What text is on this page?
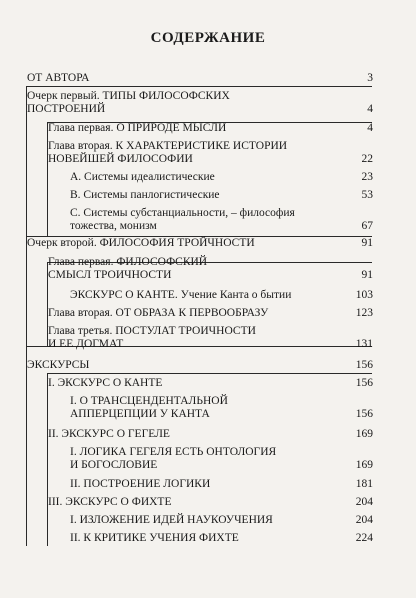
СОДЕРЖАНИЕ
ОТ АВТОРА	3
Очерк первый. ТИПЫ ФИЛОСОФСКИХ
ПОСТРОЕНИЙ	4
Глава первая. О ПРИРОДЕ МЫСЛИ	4
Глава вторая. К ХАРАКТЕРИСТИКЕ ИСТОРИИ
НОВЕЙШЕЙ ФИЛОСОФИИ	22
А. Системы идеалистические	23
В. Системы панлогистические	53
С. Системы субстанциальности, – философия
тожества, монизм	67
Очерк второй. ФИЛОСОФИЯ ТРОЙЧНОСТИ	91
Глава первая. ФИЛОСОФСКИЙ
СМЫСЛ ТРОИЧНОСТИ	91
ЭКСКУРС О КАНТЕ. Учение Канта о бытии	103
Глава вторая. ОТ ОБРАЗА К ПЕРВООБРАЗУ	123
Глава третья. ПОСТУЛАТ ТРОИЧНОСТИ
И ЕЕ ДОГМАТ	131
ЭКСКУРСЫ	156
I. ЭКСКУРС О КАНТЕ	156
I. О ТРАНСЦЕНДЕНТАЛЬНОЙ
АППЕРЦЕПЦИИ У КАНТА	156
II. ЭКСКУРС О ГЕГЕЛЕ	169
I. ЛОГИКА ГЕГЕЛЯ ЕСТЬ ОНТОЛОГИЯ
И БОГОСЛОВИЕ	169
II. ПОСТРОЕНИЕ ЛОГИКИ	181
III. ЭКСКУРС О ФИХТЕ	204
I. ИЗЛОЖЕНИЕ ИДЕЙ НАУКОУЧЕНИЯ	204
II. К КРИТИКЕ УЧЕНИЯ ФИХТЕ	224
